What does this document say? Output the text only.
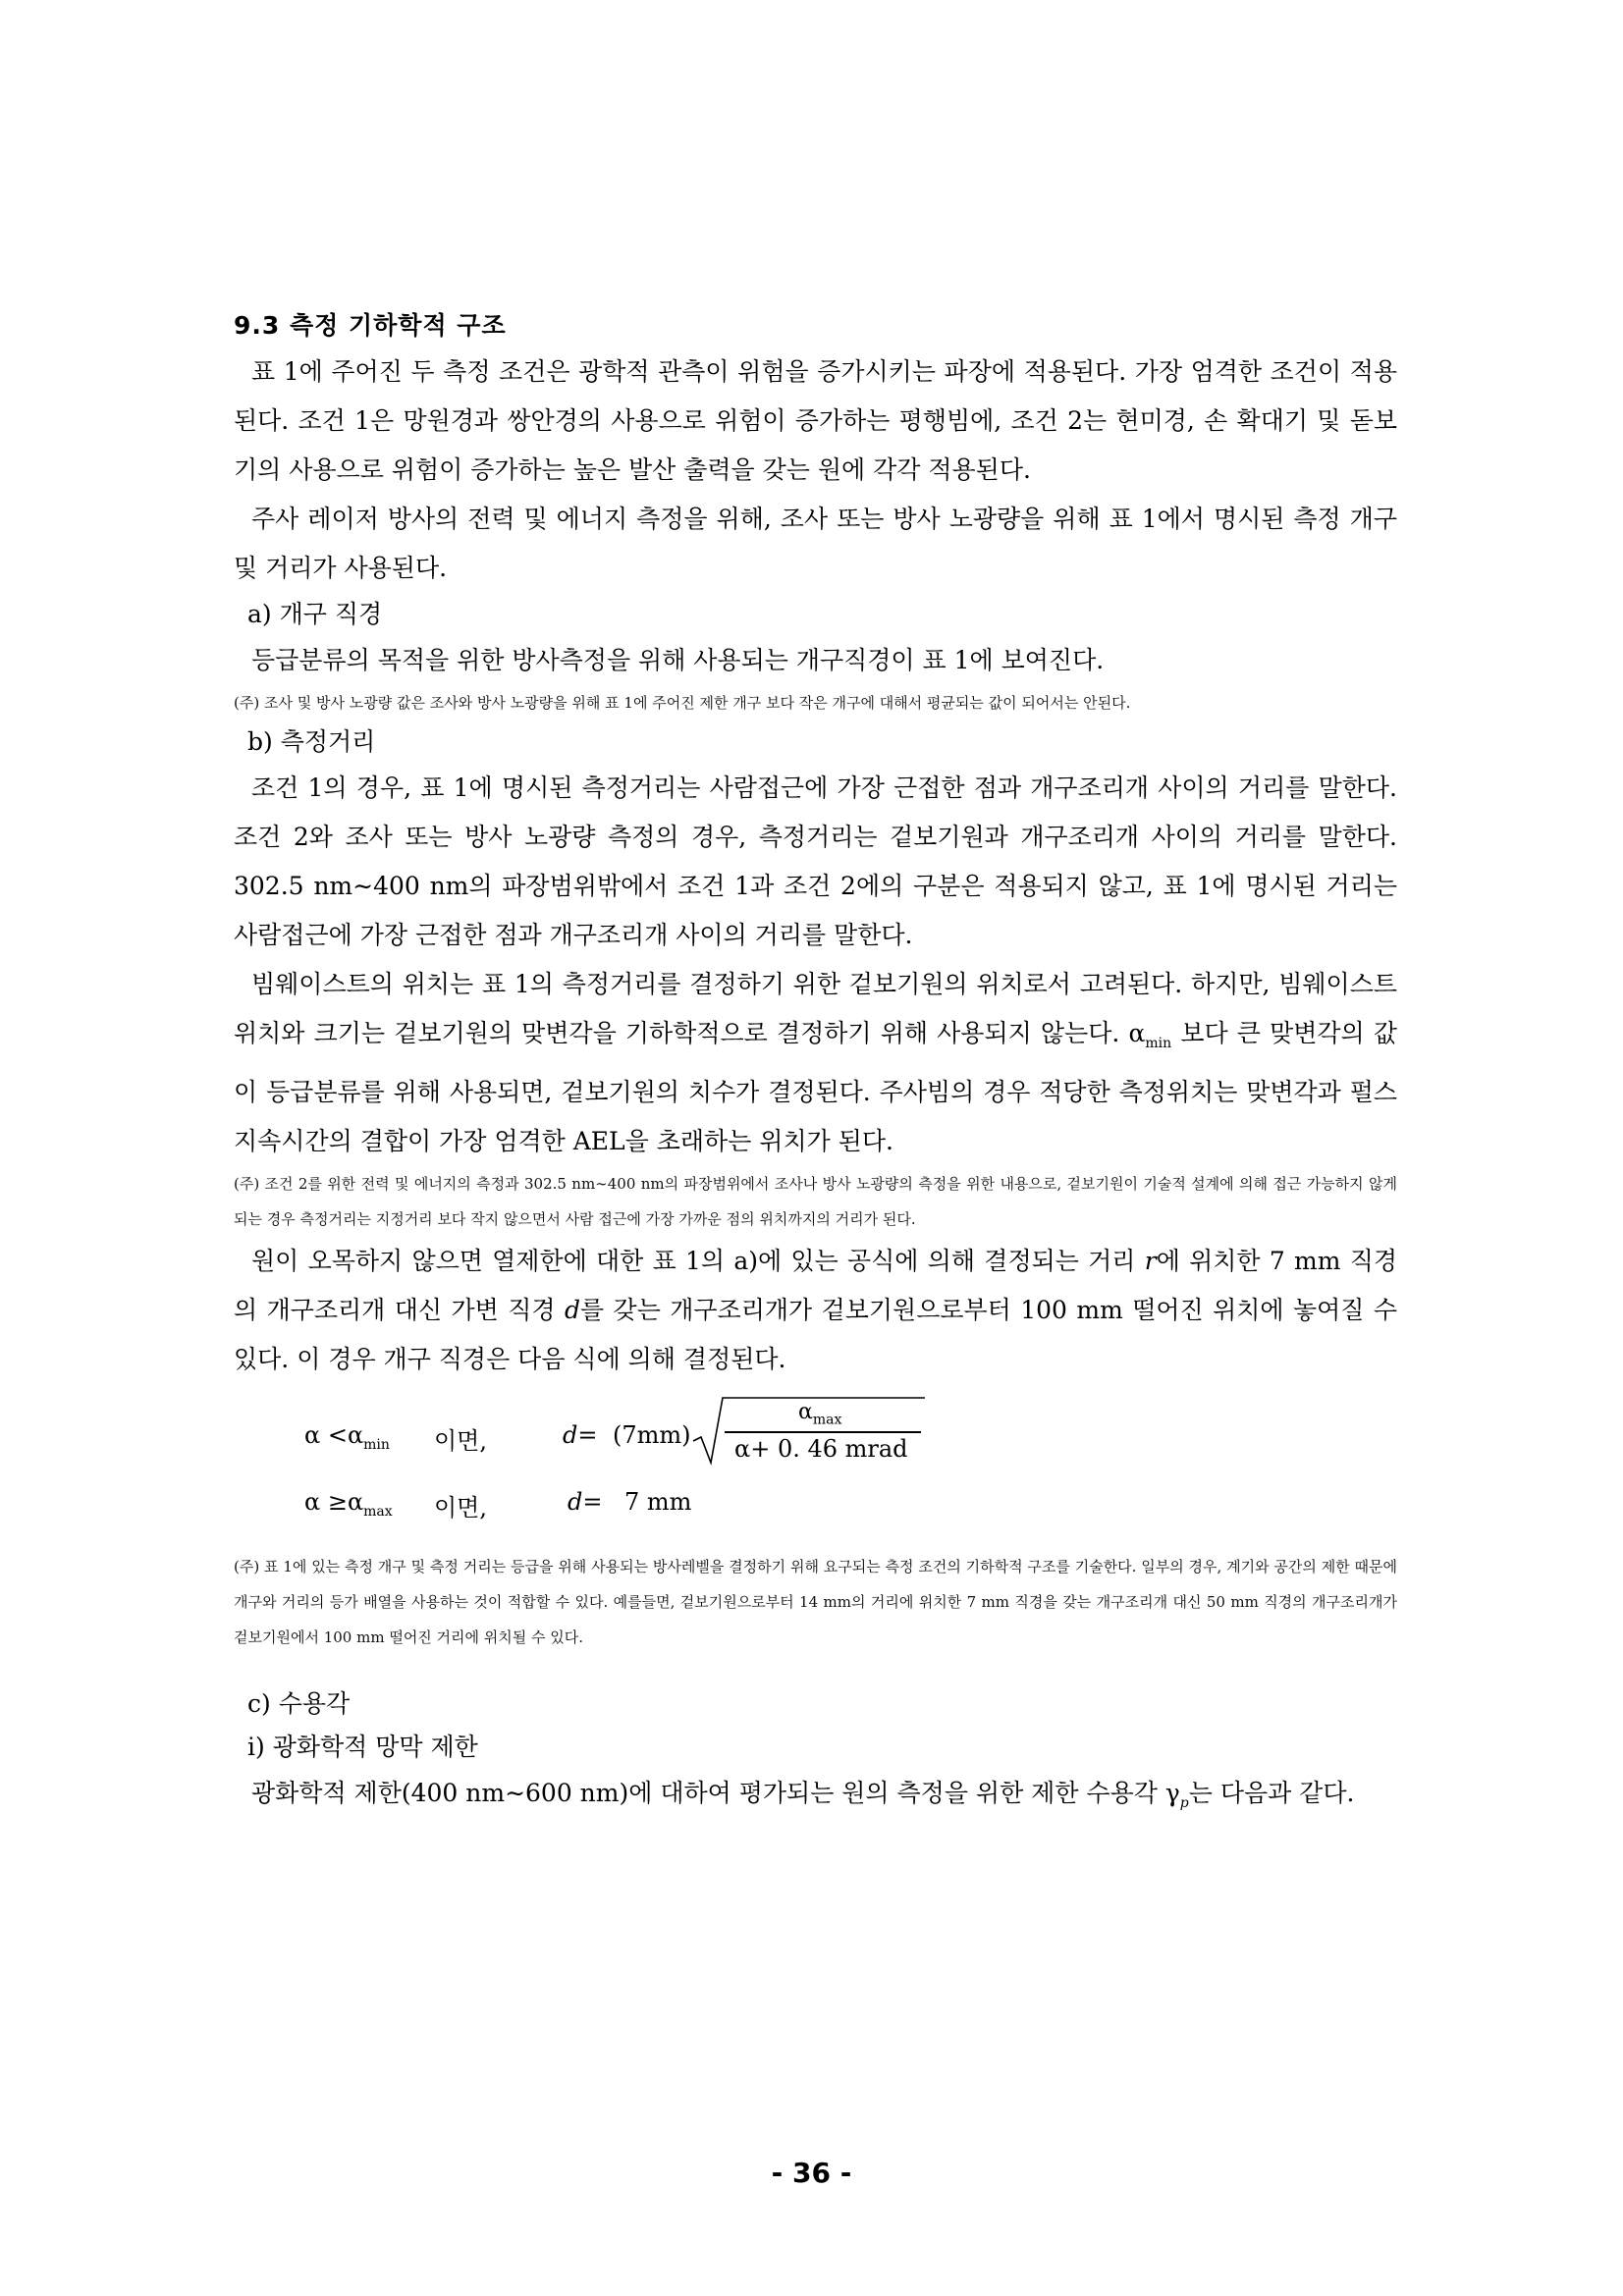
9.3 측정 기하학적 구조

표 1에 주어진 두 측정 조건은 광학적 관측이 위험을 증가시키는 파장에 적용된다. 가장 엄격한 조건이 적용된다. 조건 1은 망원경과 쌍안경의 사용으로 위험이 증가하는 평행빔에, 조건 2는 현미경, 손 확대기 및 돋보기의 사용으로 위험이 증가하는 높은 발산 출력을 갖는 원에 각각 적용된다.

주사 레이저 방사의 전력 및 에너지 측정을 위해, 조사 또는 방사 노광량을 위해 표 1에서 명시된 측정 개구 및 거리가 사용된다.

a) 개구 직경

등급분류의 목적을 위한 방사측정을 위해 사용되는 개구직경이 표 1에 보여진다.

(주) 조사 및 방사 노광량 값은 조사와 방사 노광량을 위해 표 1에 주어진 제한 개구 보다 작은 개구에 대해서 평균되는 값이 되어서는 안된다.

b) 측정거리

조건 1의 경우, 표 1에 명시된 측정거리는 사람접근에 가장 근접한 점과 개구조리개 사이의 거리를 말한다. 조건 2와 조사 또는 방사 노광량 측정의 경우, 측정거리는 겉보기원과 개구조리개 사이의 거리를 말한다. 302.5 nm∼400 nm의 파장범위밖에서 조건 1과 조건 2에의 구분은 적용되지 않고, 표 1에 명시된 거리는 사람접근에 가장 근접한 점과 개구조리개 사이의 거리를 말한다.

빔웨이스트의 위치는 표 1의 측정거리를 결정하기 위한 겉보기원의 위치로서 고려된다. 하지만, 빔웨이스트 위치와 크기는 겉보기원의 맞변각을 기하학적으로 결정하기 위해 사용되지 않는다. $\alpha_{min}$ 보다 큰 맞변각의 값이 등급분류를 위해 사용되면, 겉보기원의 치수가 결정된다. 주사빔의 경우 적당한 측정위치는 맞변각과 펄스 지속시간의 결합이 가장 엄격한 AEL을 초래하는 위치가 된다.

(주) 조건 2를 위한 전력 및 에너지의 측정과 302.5 nm∼400 nm의 파장범위에서 조사나 방사 노광량의 측정을 위한 내용으로, 겉보기원이 기술적 설계에 의해 접근 가능하지 않게 되는 경우 측정거리는 지정거리 보다 작지 않으면서 사람 접근에 가장 가까운 점의 위치까지의 거리가 된다.

원이 오목하지 않으면 열제한에 대한 표 1의 a)에 있는 공식에 의해 결정되는 거리 r에 위치한 7 mm 직경의 개구조리개 대신 가변 직경 d를 갖는 개구조리개가 겉보기원으로부터 100 mm 떨어진 위치에 놓여질 수 있다. 이 경우 개구 직경은 다음 식에 의해 결정된다.

$\alpha <\alpha_{min}$ 이면,	d= (7mm)
$\alpha_{max}$
α+ 0. 46 mrad
$\alpha \ge\alpha_{max}$ 이면,	d= 7 mm

(주) 표 1에 있는 측정 개구 및 측정 거리는 등급을 위해 사용되는 방사레벨을 결정하기 위해 요구되는 측정 조건의 기하학적 구조를 기술한다. 일부의 경우, 계기와 공간의 제한 때문에 개구와 거리의 등가 배열을 사용하는 것이 적합할 수 있다. 예를들면, 겉보기원으로부터 14 mm의 거리에 위치한 7 mm 직경을 갖는 개구조리개 대신 50 mm 직경의 개구조리개가 겉보기원에서 100 mm 떨어진 거리에 위치될 수 있다.

c) 수용각

i) 광화학적 망막 제한

광화학적 제한(400 nm∼600 nm)에 대하여 평가되는 원의 측정을 위한 제한 수용각 $\gamma_p$는 다음과 같다.

- 36 -
